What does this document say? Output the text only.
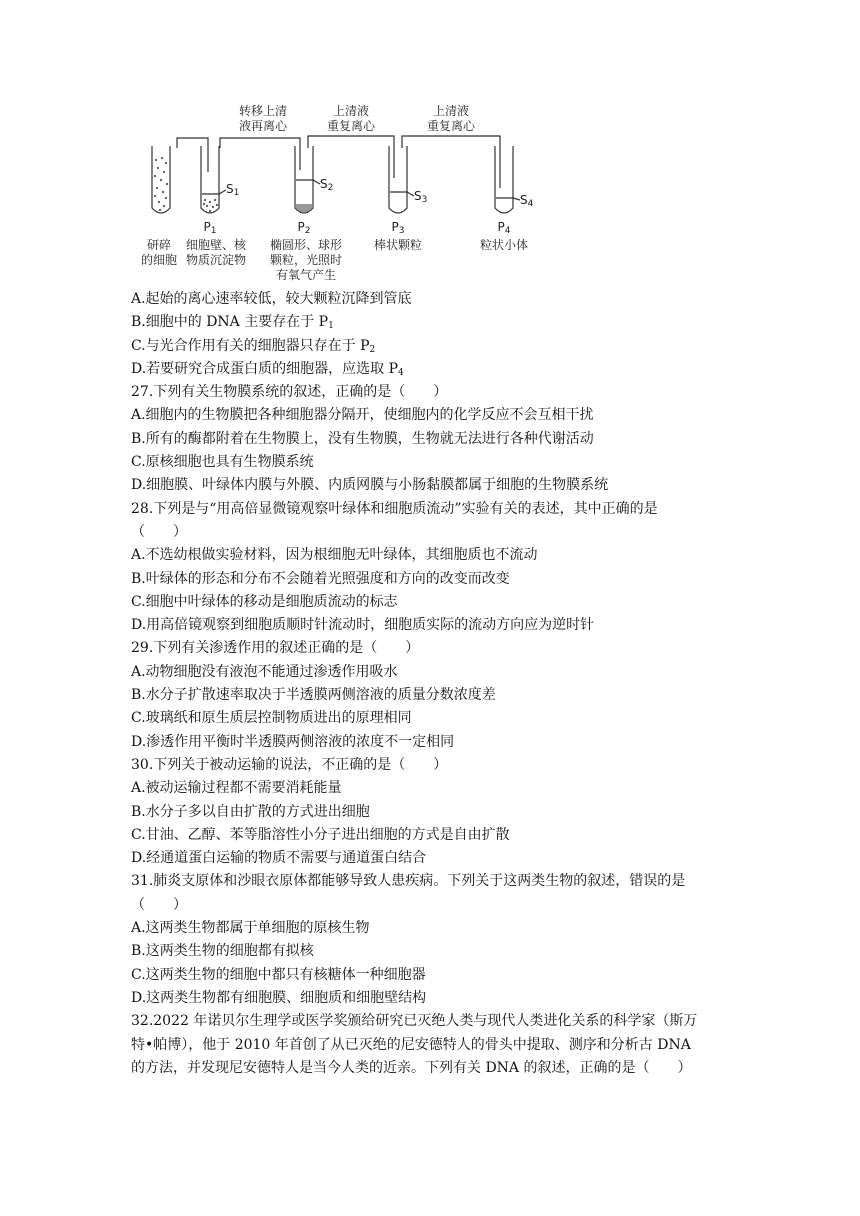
转移上清
液再离心
上清液
重复离心
上清液
重复离心
$S_1$
$S_2$
$S_3$	$S_4$
$P_1$	$P_2$	$P_3$	$P_4$
研碎
的细胞
细胞壁、核
物质沉淀物
椭圆形、球形
颗粒，光照时
有氧气产生
棒状颗粒	粒状小体
A.起始的离心速率较低，较大颗粒沉降到管底
B.细胞中的 DNA 主要存在于 $P_1$
C.与光合作用有关的细胞器只存在于 $P_2$
D.若要研究合成蛋白质的细胞器，应选取 $P_4$
27.下列有关生物膜系统的叙述，正确的是（　　）
A.细胞内的生物膜把各种细胞器分隔开，使细胞内的化学反应不会互相干扰
B.所有的酶都附着在生物膜上，没有生物膜，生物就无法进行各种代谢活动
C.原核细胞也具有生物膜系统
D.细胞膜、叶绿体内膜与外膜、内质网膜与小肠黏膜都属于细胞的生物膜系统
28.下列是与“用高倍显微镜观察叶绿体和细胞质流动”实验有关的表述，其中正确的是
（　　）
A.不选幼根做实验材料，因为根细胞无叶绿体，其细胞质也不流动
B.叶绿体的形态和分布不会随着光照强度和方向的改变而改变
C.细胞中叶绿体的移动是细胞质流动的标志
D.用高倍镜观察到细胞质顺时针流动时，细胞质实际的流动方向应为逆时针
29.下列有关渗透作用的叙述正确的是（　　）
A.动物细胞没有液泡不能通过渗透作用吸水
B.水分子扩散速率取决于半透膜两侧溶液的质量分数浓度差
C.玻璃纸和原生质层控制物质进出的原理相同
D.渗透作用平衡时半透膜两侧溶液的浓度不一定相同
30.下列关于被动运输的说法，不正确的是（　　）
A.被动运输过程都不需要消耗能量
B.水分子多以自由扩散的方式进出细胞
C.甘油、乙醇、苯等脂溶性小分子进出细胞的方式是自由扩散
D.经通道蛋白运输的物质不需要与通道蛋白结合
31.肺炎支原体和沙眼衣原体都能够导致人患疾病。下列关于这两类生物的叙述，错误的是
（　　）
A.这两类生物都属于单细胞的原核生物
B.这两类生物的细胞都有拟核
C.这两类生物的细胞中都只有核糖体一种细胞器
D.这两类生物都有细胞膜、细胞质和细胞壁结构
32.2022 年诺贝尔生理学或医学奖颁给研究已灭绝人类与现代人类进化关系的科学家（斯万
特•帕博），他于 2010 年首创了从已灭绝的尼安德特人的骨头中提取、测序和分析古 DNA
的方法，并发现尼安德特人是当今人类的近亲。下列有关 DNA 的叙述，正确的是（　　）
